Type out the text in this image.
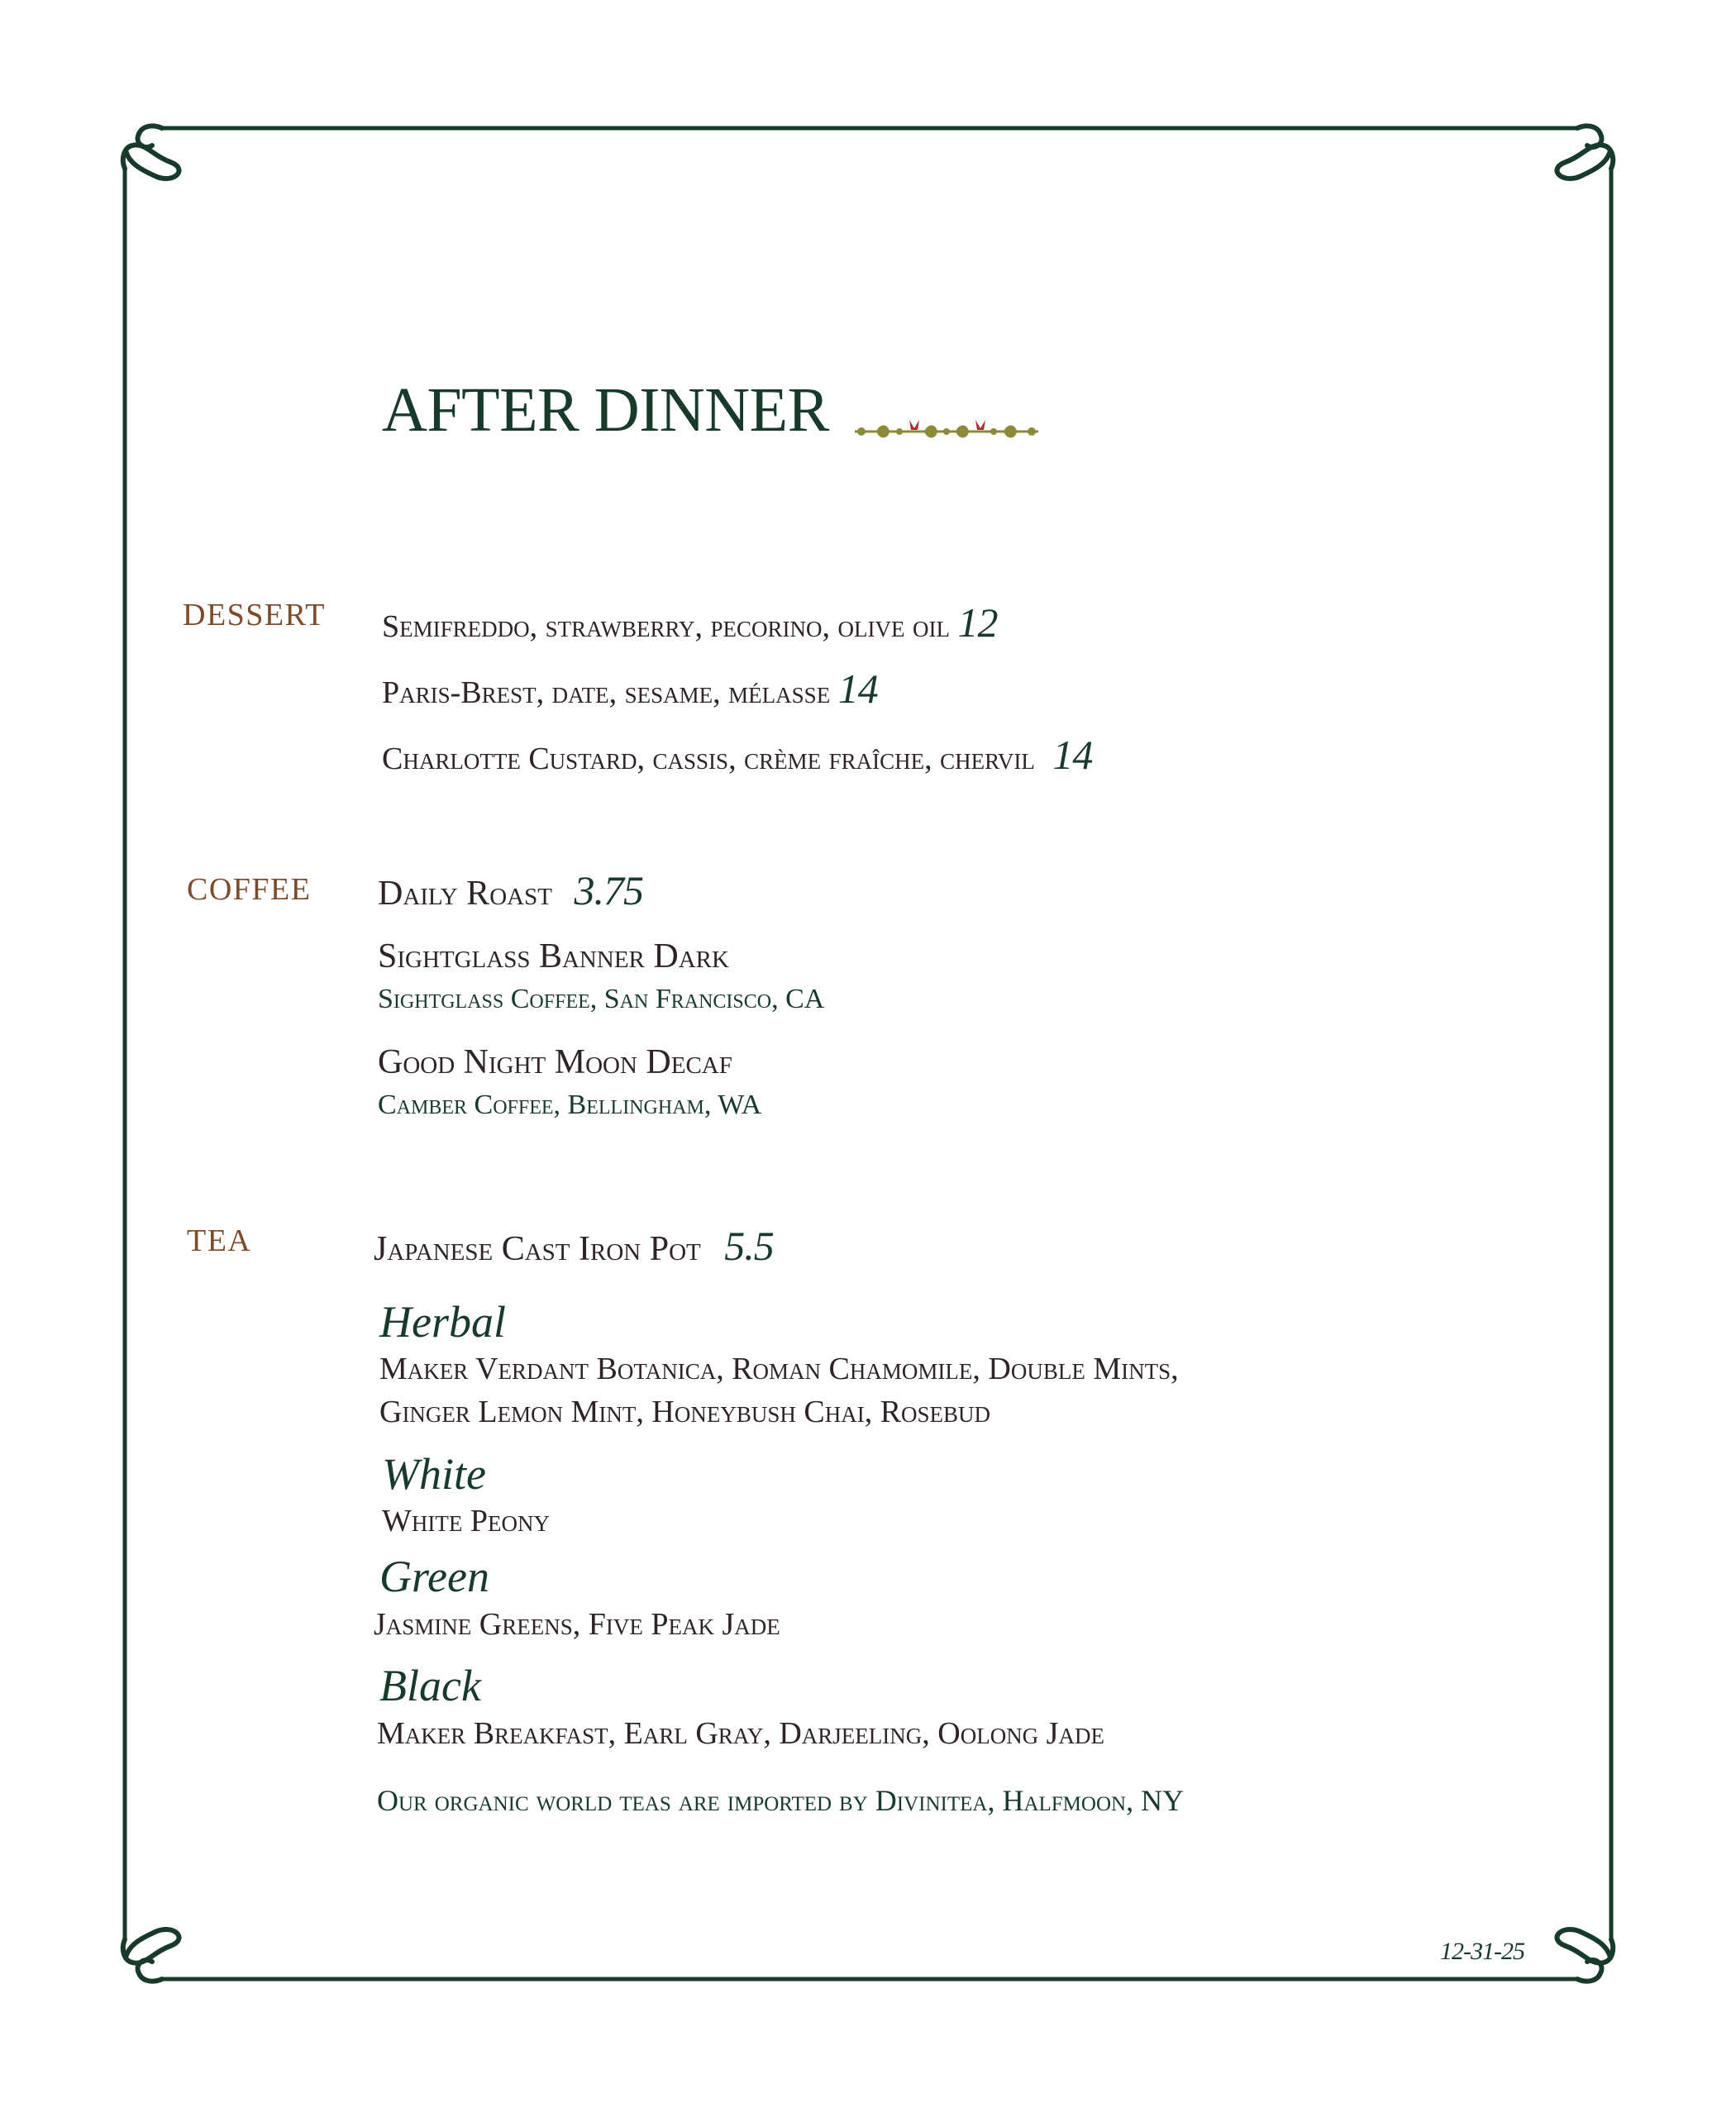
AFTER DINNER
DESSERT Semifreddo, strawberry, pecorino, olive oil 12
Paris-Brest, date, sesame, mélasse 14
Charlotte Custard, cassis, crème fraîche, chervil 14
COFFEE Daily Roast 3.75
Sightglass Banner Dark
Sightglass Coffee, San Francisco, CA
Good Night Moon Decaf
Camber Coffee, Bellingham, WA
TEA	Japanese Cast Iron Pot 5.5
Herbal
Maker Verdant Botanica, Roman Chamomile, Double Mints,
Ginger Lemon Mint, Honeybush Chai, Rosebud
White
White Peony
Green
Jasmine Greens, Five Peak Jade
Black
Maker Breakfast, Earl Gray, Darjeeling, Oolong Jade
Our organic world teas are imported by Divinitea, Halfmoon, NY
12-31-25
